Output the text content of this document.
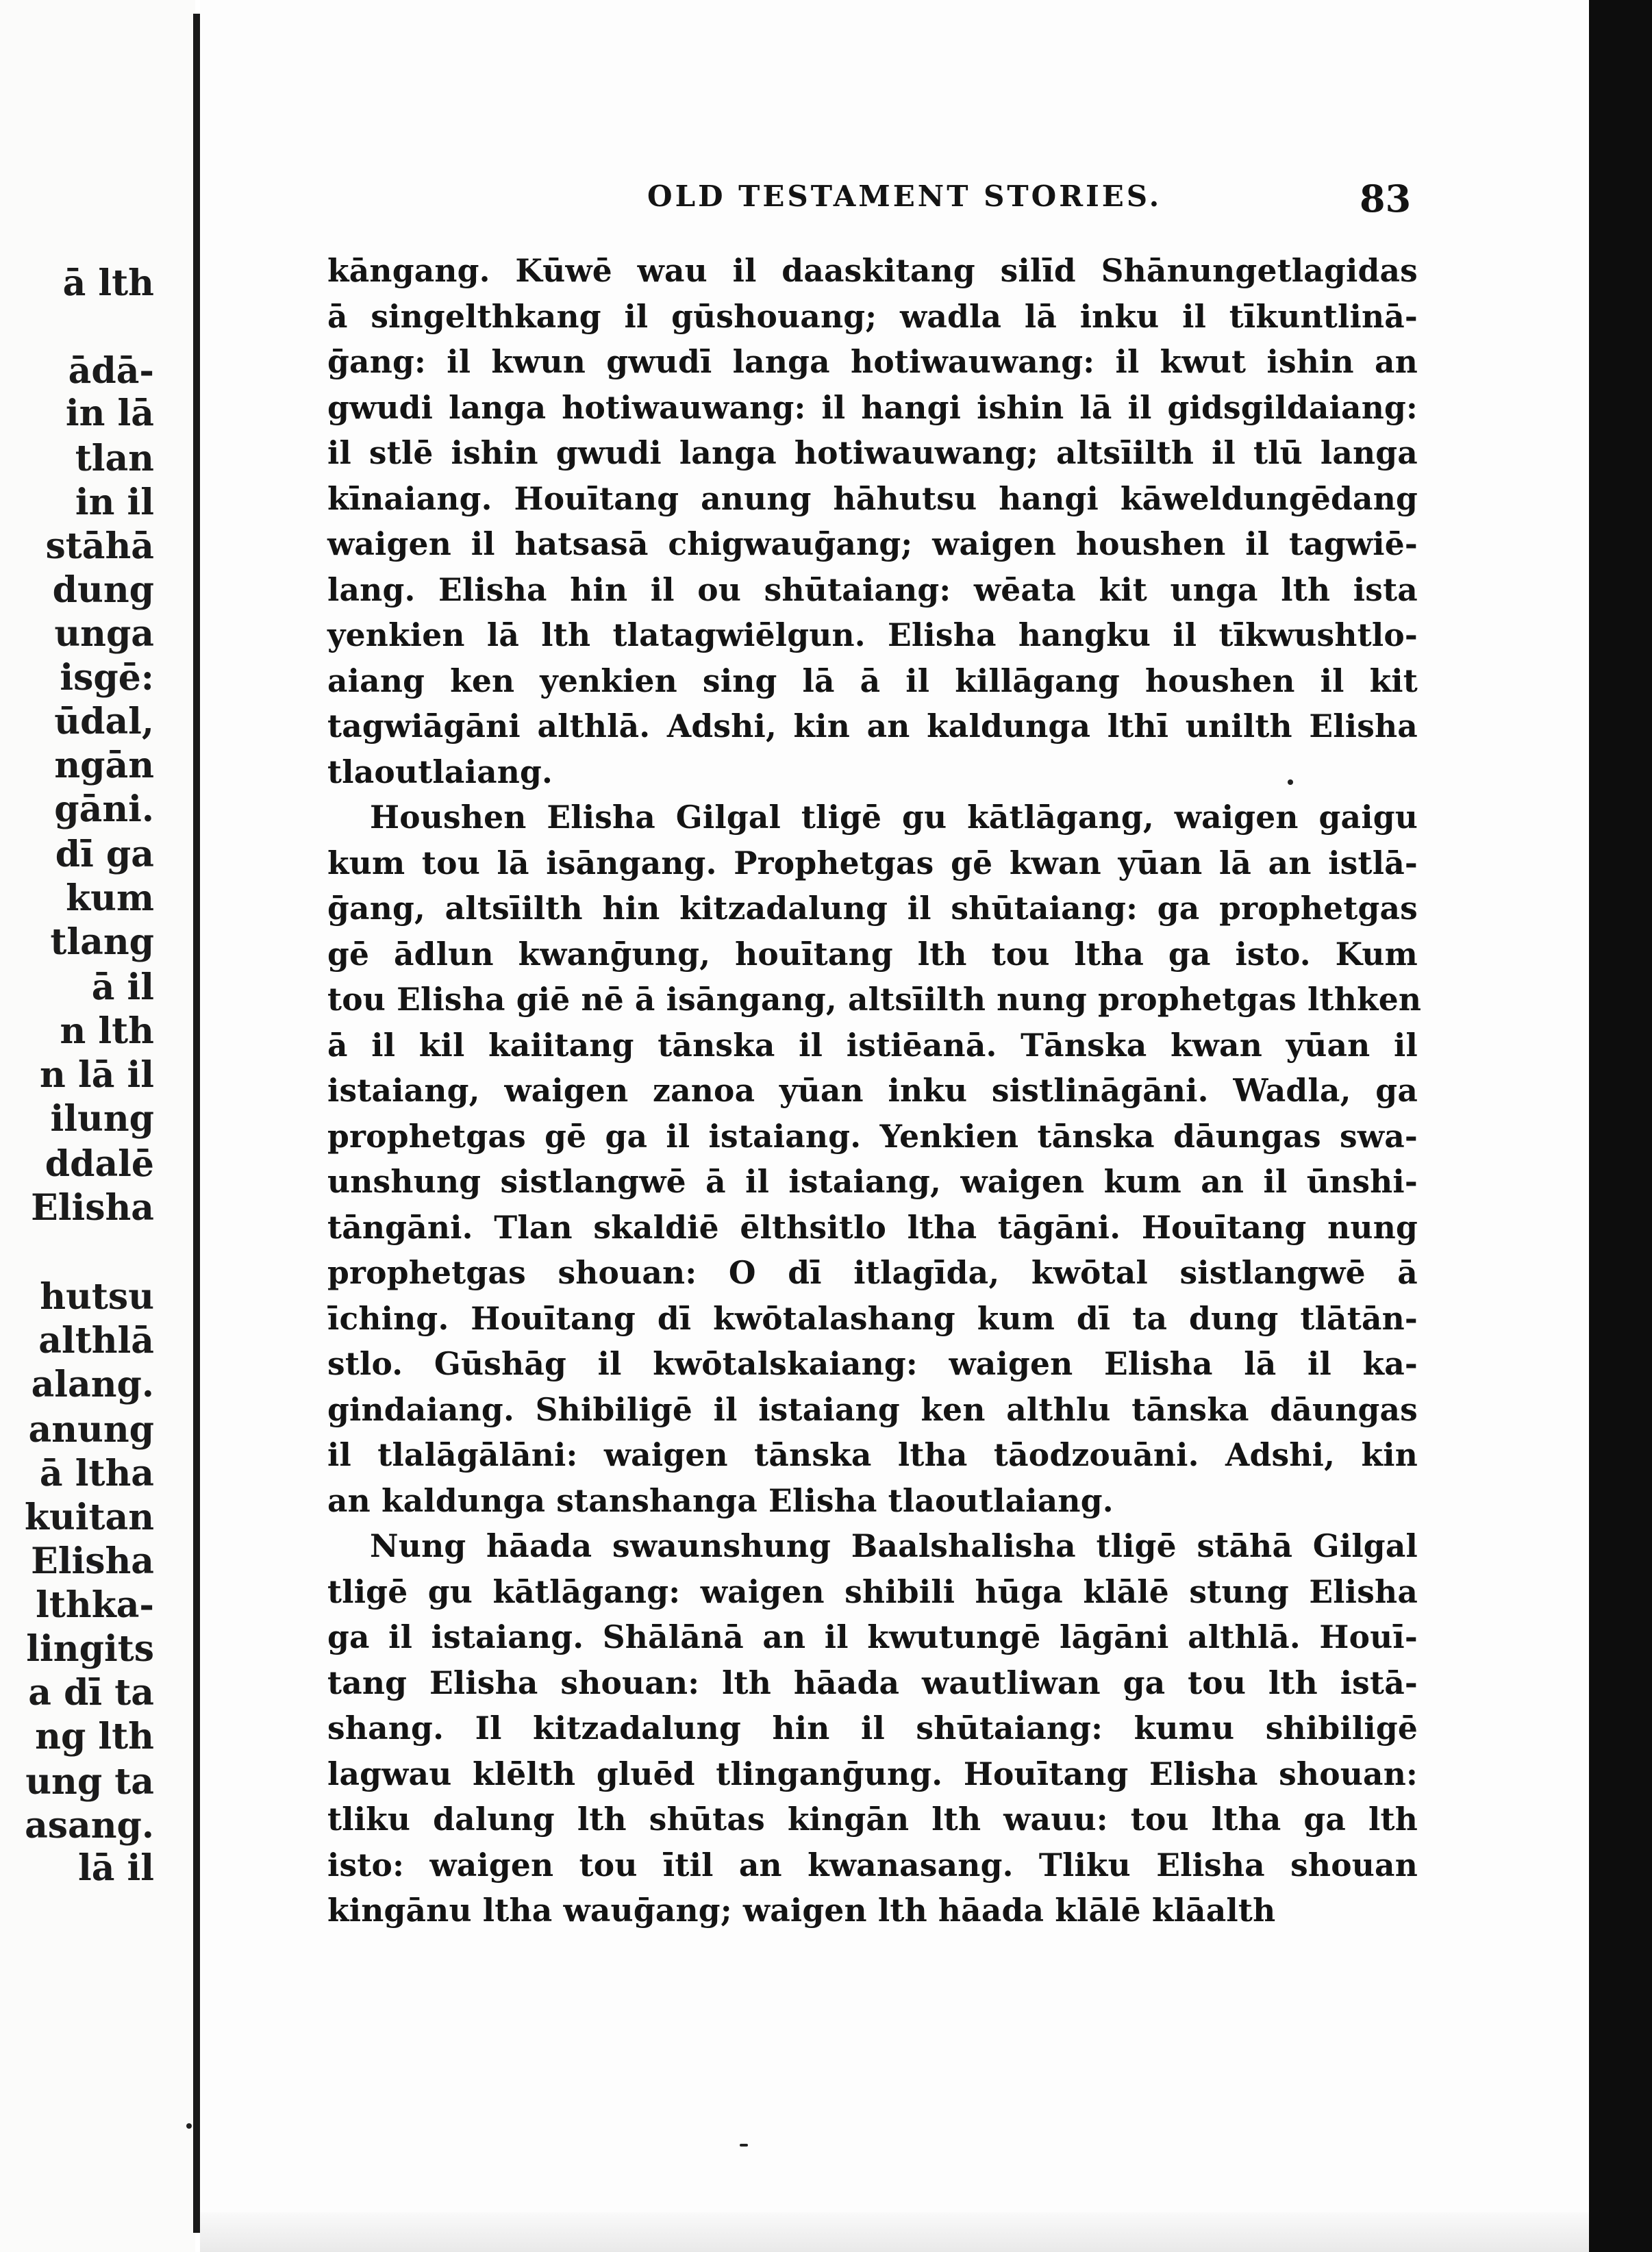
ā lth
ādā-
in lā
tlan
in il
stāhā
dung
unga
isgē:
ūdal,
ngān
gāni.
dī ga
kum
tlang
ā il
n lth
n lā il
ilung
ddalē
Elisha
hutsu
althlā
alang.
anung
ā ltha
kuitan
Elisha
lthka-
lingits
a dī ta
ng lth
ung ta
asang.
lā il
OLD TESTAMENT STORIES.	83

kāngang. Kūwē wau il daaskitang silīd Shānungetlagidas

ā singelthkang il gūshouang; wadla lā inku il tīkuntlinā-

ḡang: il kwun gwudī langa hotiwauwang: il kwut ishin an

gwudi langa hotiwauwang: il hangi ishin lā il gidsgildaiang:

il stlē ishin gwudi langa hotiwauwang; altsīilth il tlū langa

kīnaiang. Houītang anung hāhutsu hangi kāweldungēdang

waigen il hatsasā chigwauḡang; waigen houshen il tagwiē-

lang. Elisha hin il ou shūtaiang: wēata kit unga lth ista

yenkien lā lth tlatagwiēlgun. Elisha hangku il tīkwushtlo-

aiang ken yenkien sing lā ā il killāgang houshen il kit

tagwiāgāni althlā. Adshi, kin an kaldunga lthī unilth Elisha

tlaoutlaiang.

Houshen Elisha Gilgal tligē gu kātlāgang, waigen gaigu

kum tou lā isāngang. Prophetgas gē kwan yūan lā an istlā-

ḡang, altsīilth hin kitzadalung il shūtaiang: ga prophetgas

gē ādlun kwanḡung, houītang lth tou ltha ga isto. Kum

tou Elisha giē nē ā isāngang, altsīilth nung prophetgas lthken

ā il kil kaiitang tānska il istiēanā. Tānska kwan yūan il

istaiang, waigen zanoa yūan inku sistlināgāni. Wadla, ga

prophetgas gē ga il istaiang. Yenkien tānska dāungas swa-

unshung sistlangwē ā il istaiang, waigen kum an il ūnshi-

tāngāni. Tlan skaldiē ēlthsitlo ltha tāgāni. Houītang nung

prophetgas shouan: O dī itlagīda, kwōtal sistlangwē ā

īching. Houītang dī kwōtalashang kum dī ta dung tlātān-

stlo. Gūshāg il kwōtalskaiang: waigen Elisha lā il ka-

gindaiang. Shibiligē il istaiang ken althlu tānska dāungas

il tlalāgālāni: waigen tānska ltha tāodzouāni. Adshi, kin

an kaldunga stanshanga Elisha tlaoutlaiang.

Nung hāada swaunshung Baalshalisha tligē stāhā Gilgal

tligē gu kātlāgang: waigen shibili hūga klālē stung Elisha

ga il istaiang. Shālānā an il kwutungē lāgāni althlā. Houī-

tang Elisha shouan: lth hāada wautliwan ga tou lth istā-

shang. Il kitzadalung hin il shūtaiang: kumu shibiligē

lagwau klēlth gluēd tlinganḡung. Houītang Elisha shouan:

tliku dalung lth shūtas kingān lth wauu: tou ltha ga lth

isto: waigen tou ītil an kwanasang. Tliku Elisha shouan

kingānu ltha wauḡang; waigen lth hāada klālē klāalth
